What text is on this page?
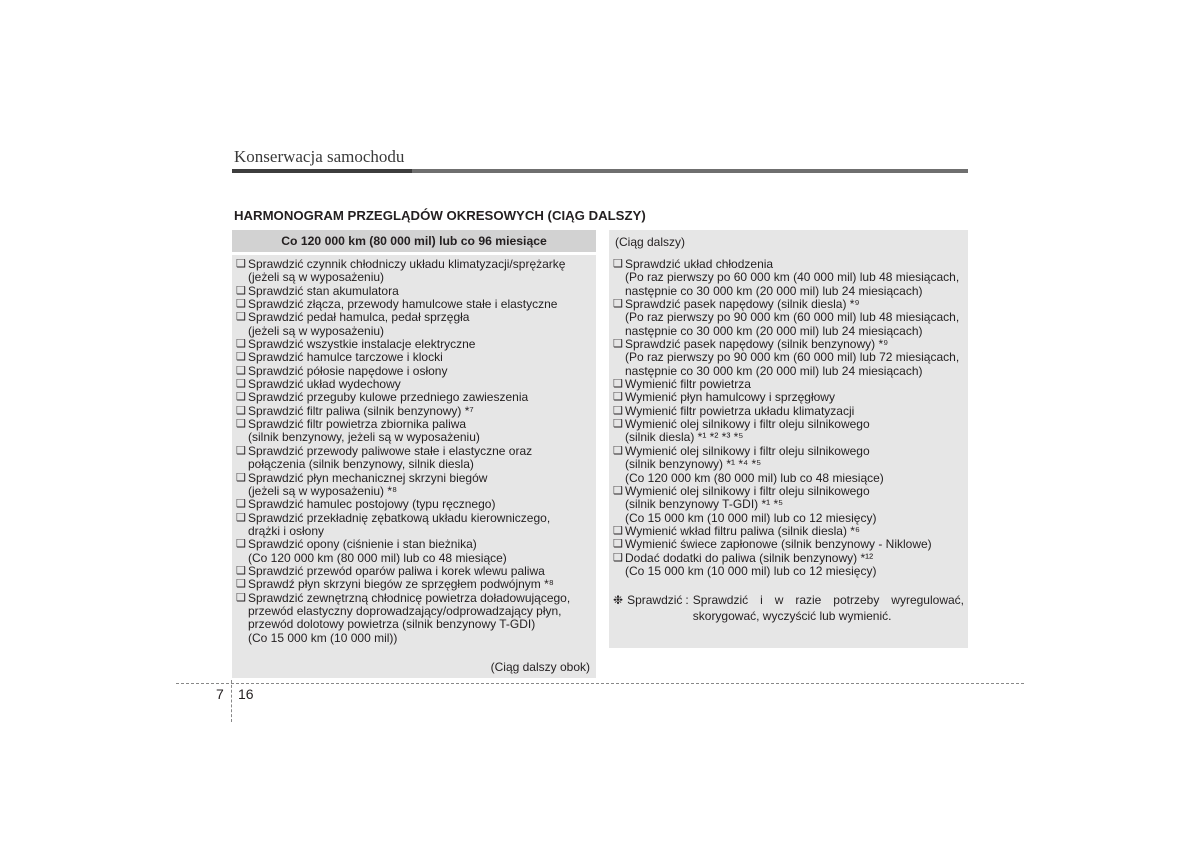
Konserwacja samochodu
HARMONOGRAM PRZEGLĄDÓW OKRESOWYCH (CIĄG DALSZY)
Co 120 000 km (80 000 mil) lub co 96 miesiące
❑ Sprawdzić czynnik chłodniczy układu klimatyzacji/sprężarkę
(jeżeli są w wyposażeniu)
❑ Sprawdzić stan akumulatora
❑ Sprawdzić złącza, przewody hamulcowe stałe i elastyczne
❑ Sprawdzić pedał hamulca, pedał sprzęgła
(jeżeli są w wyposażeniu)
❑ Sprawdzić wszystkie instalacje elektryczne
❑ Sprawdzić hamulce tarczowe i klocki
❑ Sprawdzić półosie napędowe i osłony
❑ Sprawdzić układ wydechowy
❑ Sprawdzić przeguby kulowe przedniego zawieszenia
❑ Sprawdzić filtr paliwa (silnik benzynowy) *⁷
❑ Sprawdzić filtr powietrza zbiornika paliwa
(silnik benzynowy, jeżeli są w wyposażeniu)
❑ Sprawdzić przewody paliwowe stałe i elastyczne oraz
połączenia (silnik benzynowy, silnik diesla)
❑ Sprawdzić płyn mechanicznej skrzyni biegów
(jeżeli są w wyposażeniu) *⁸
❑ Sprawdzić hamulec postojowy (typu ręcznego)
❑ Sprawdzić przekładnię zębatkową układu kierowniczego,
drążki i osłony
❑ Sprawdzić opony (ciśnienie i stan bieżnika)
(Co 120 000 km (80 000 mil) lub co 48 miesiące)
❑ Sprawdzić przewód oparów paliwa i korek wlewu paliwa
❑ Sprawdź płyn skrzyni biegów ze sprzęgłem podwójnym *⁸
❑ Sprawdzić zewnętrzną chłodnicę powietrza doładowującego,
przewód elastyczny doprowadzający/odprowadzający płyn,
przewód dolotowy powietrza (silnik benzynowy T-GDI)
(Co 15 000 km (10 000 mil))
(Ciąg dalszy obok)
(Ciąg dalszy)
❑ Sprawdzić układ chłodzenia
(Po raz pierwszy po 60 000 km (40 000 mil) lub 48 miesiącach,
następnie co 30 000 km (20 000 mil) lub 24 miesiącach)
❑ Sprawdzić pasek napędowy (silnik diesla) *⁹
(Po raz pierwszy po 90 000 km (60 000 mil) lub 48 miesiącach,
następnie co 30 000 km (20 000 mil) lub 24 miesiącach)
❑ Sprawdzić pasek napędowy (silnik benzynowy) *⁹
(Po raz pierwszy po 90 000 km (60 000 mil) lub 72 miesiącach,
następnie co 30 000 km (20 000 mil) lub 24 miesiącach)
❑ Wymienić filtr powietrza
❑ Wymienić płyn hamulcowy i sprzęgłowy
❑ Wymienić filtr powietrza układu klimatyzacji
❑ Wymienić olej silnikowy i filtr oleju silnikowego
(silnik diesla) *¹ *² *³ *⁵
❑ Wymienić olej silnikowy i filtr oleju silnikowego
(silnik benzynowy) *¹ *⁴ *⁵
(Co 120 000 km (80 000 mil) lub co 48 miesiące)
❑ Wymienić olej silnikowy i filtr oleju silnikowego
(silnik benzynowy T-GDI) *¹ *⁵
(Co 15 000 km (10 000 mil) lub co 12 miesięcy)
❑ Wymienić wkład filtru paliwa (silnik diesla) *⁶
❑ Wymienić świece zapłonowe (silnik benzynowy - Niklowe)
❑ Dodać dodatki do paliwa (silnik benzynowy) *¹²
(Co 15 000 km (10 000 mil) lub co 12 miesięcy)
❉ Sprawdzić : Sprawdzić i w razie potrzeby wyregulować, skorygować, wyczyścić lub wymienić.
7 16
